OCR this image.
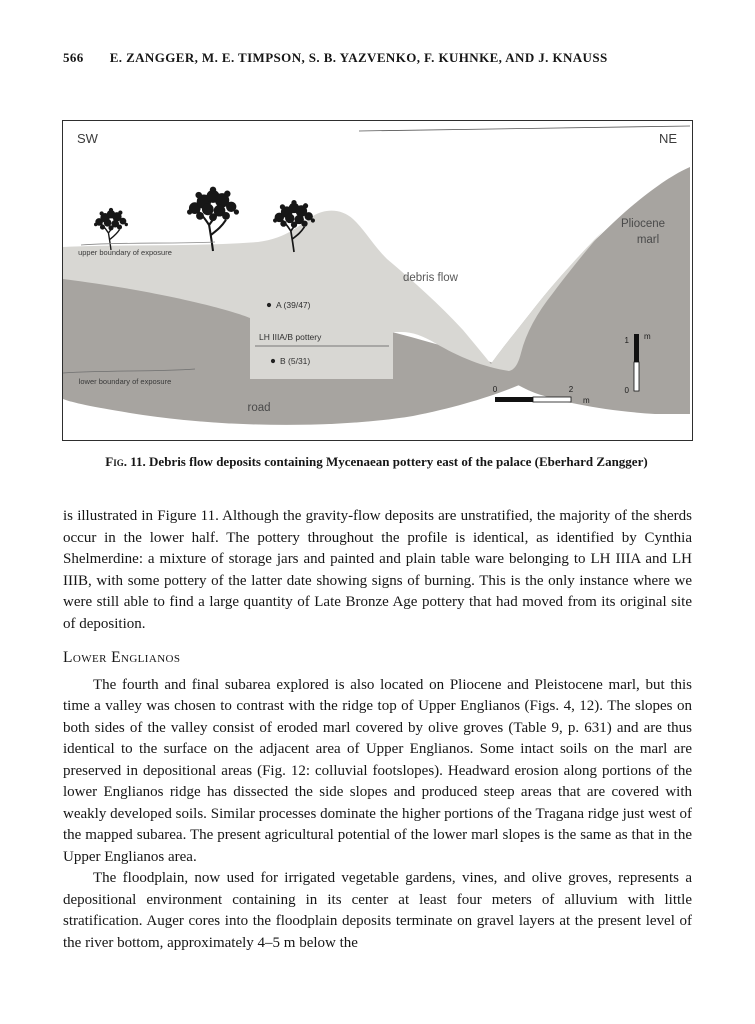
566 E. ZANGGER, M. E. TIMPSON, S. B. YAZVENKO, F. KUHNKE, AND J. KNAUSS
SW	NE
upper boundary of exposure
debris flow
Pliocene
marl
A (39/47)
LH IIIA/B pottery
B (5/31)
lower boundary of exposure
road
0	2
m
m
1
0
Fig. 11. Debris flow deposits containing Mycenaean pottery east of the palace (Eberhard Zangger)

is illustrated in Figure 11. Although the gravity-flow deposits are unstratified, the majority of the sherds occur in the lower half. The pottery throughout the profile is identical, as identified by Cynthia Shelmerdine: a mixture of storage jars and painted and plain table ware belonging to LH IIIA and LH IIIB, with some pottery of the latter date showing signs of burning. This is the only instance where we were still able to find a large quantity of Late Bronze Age pottery that had moved from its original site of deposition.

Lower Englianos

The fourth and final subarea explored is also located on Pliocene and Pleistocene marl, but this time a valley was chosen to contrast with the ridge top of Upper Englianos (Figs. 4, 12). The slopes on both sides of the valley consist of eroded marl covered by olive groves (Table 9, p. 631) and are thus identical to the surface on the adjacent area of Upper Englianos. Some intact soils on the marl are preserved in depositional areas (Fig. 12: colluvial footslopes). Headward erosion along portions of the lower Englianos ridge has dissected the side slopes and produced steep areas that are covered with weakly developed soils. Similar processes dominate the higher portions of the Tragana ridge just west of the mapped subarea. The present agricultural potential of the lower marl slopes is the same as that in the Upper Englianos area.

The floodplain, now used for irrigated vegetable gardens, vines, and olive groves, represents a depositional environment containing in its center at least four meters of alluvium with little stratification. Auger cores into the floodplain deposits terminate on gravel layers at the present level of the river bottom, approximately 4–5 m below the
